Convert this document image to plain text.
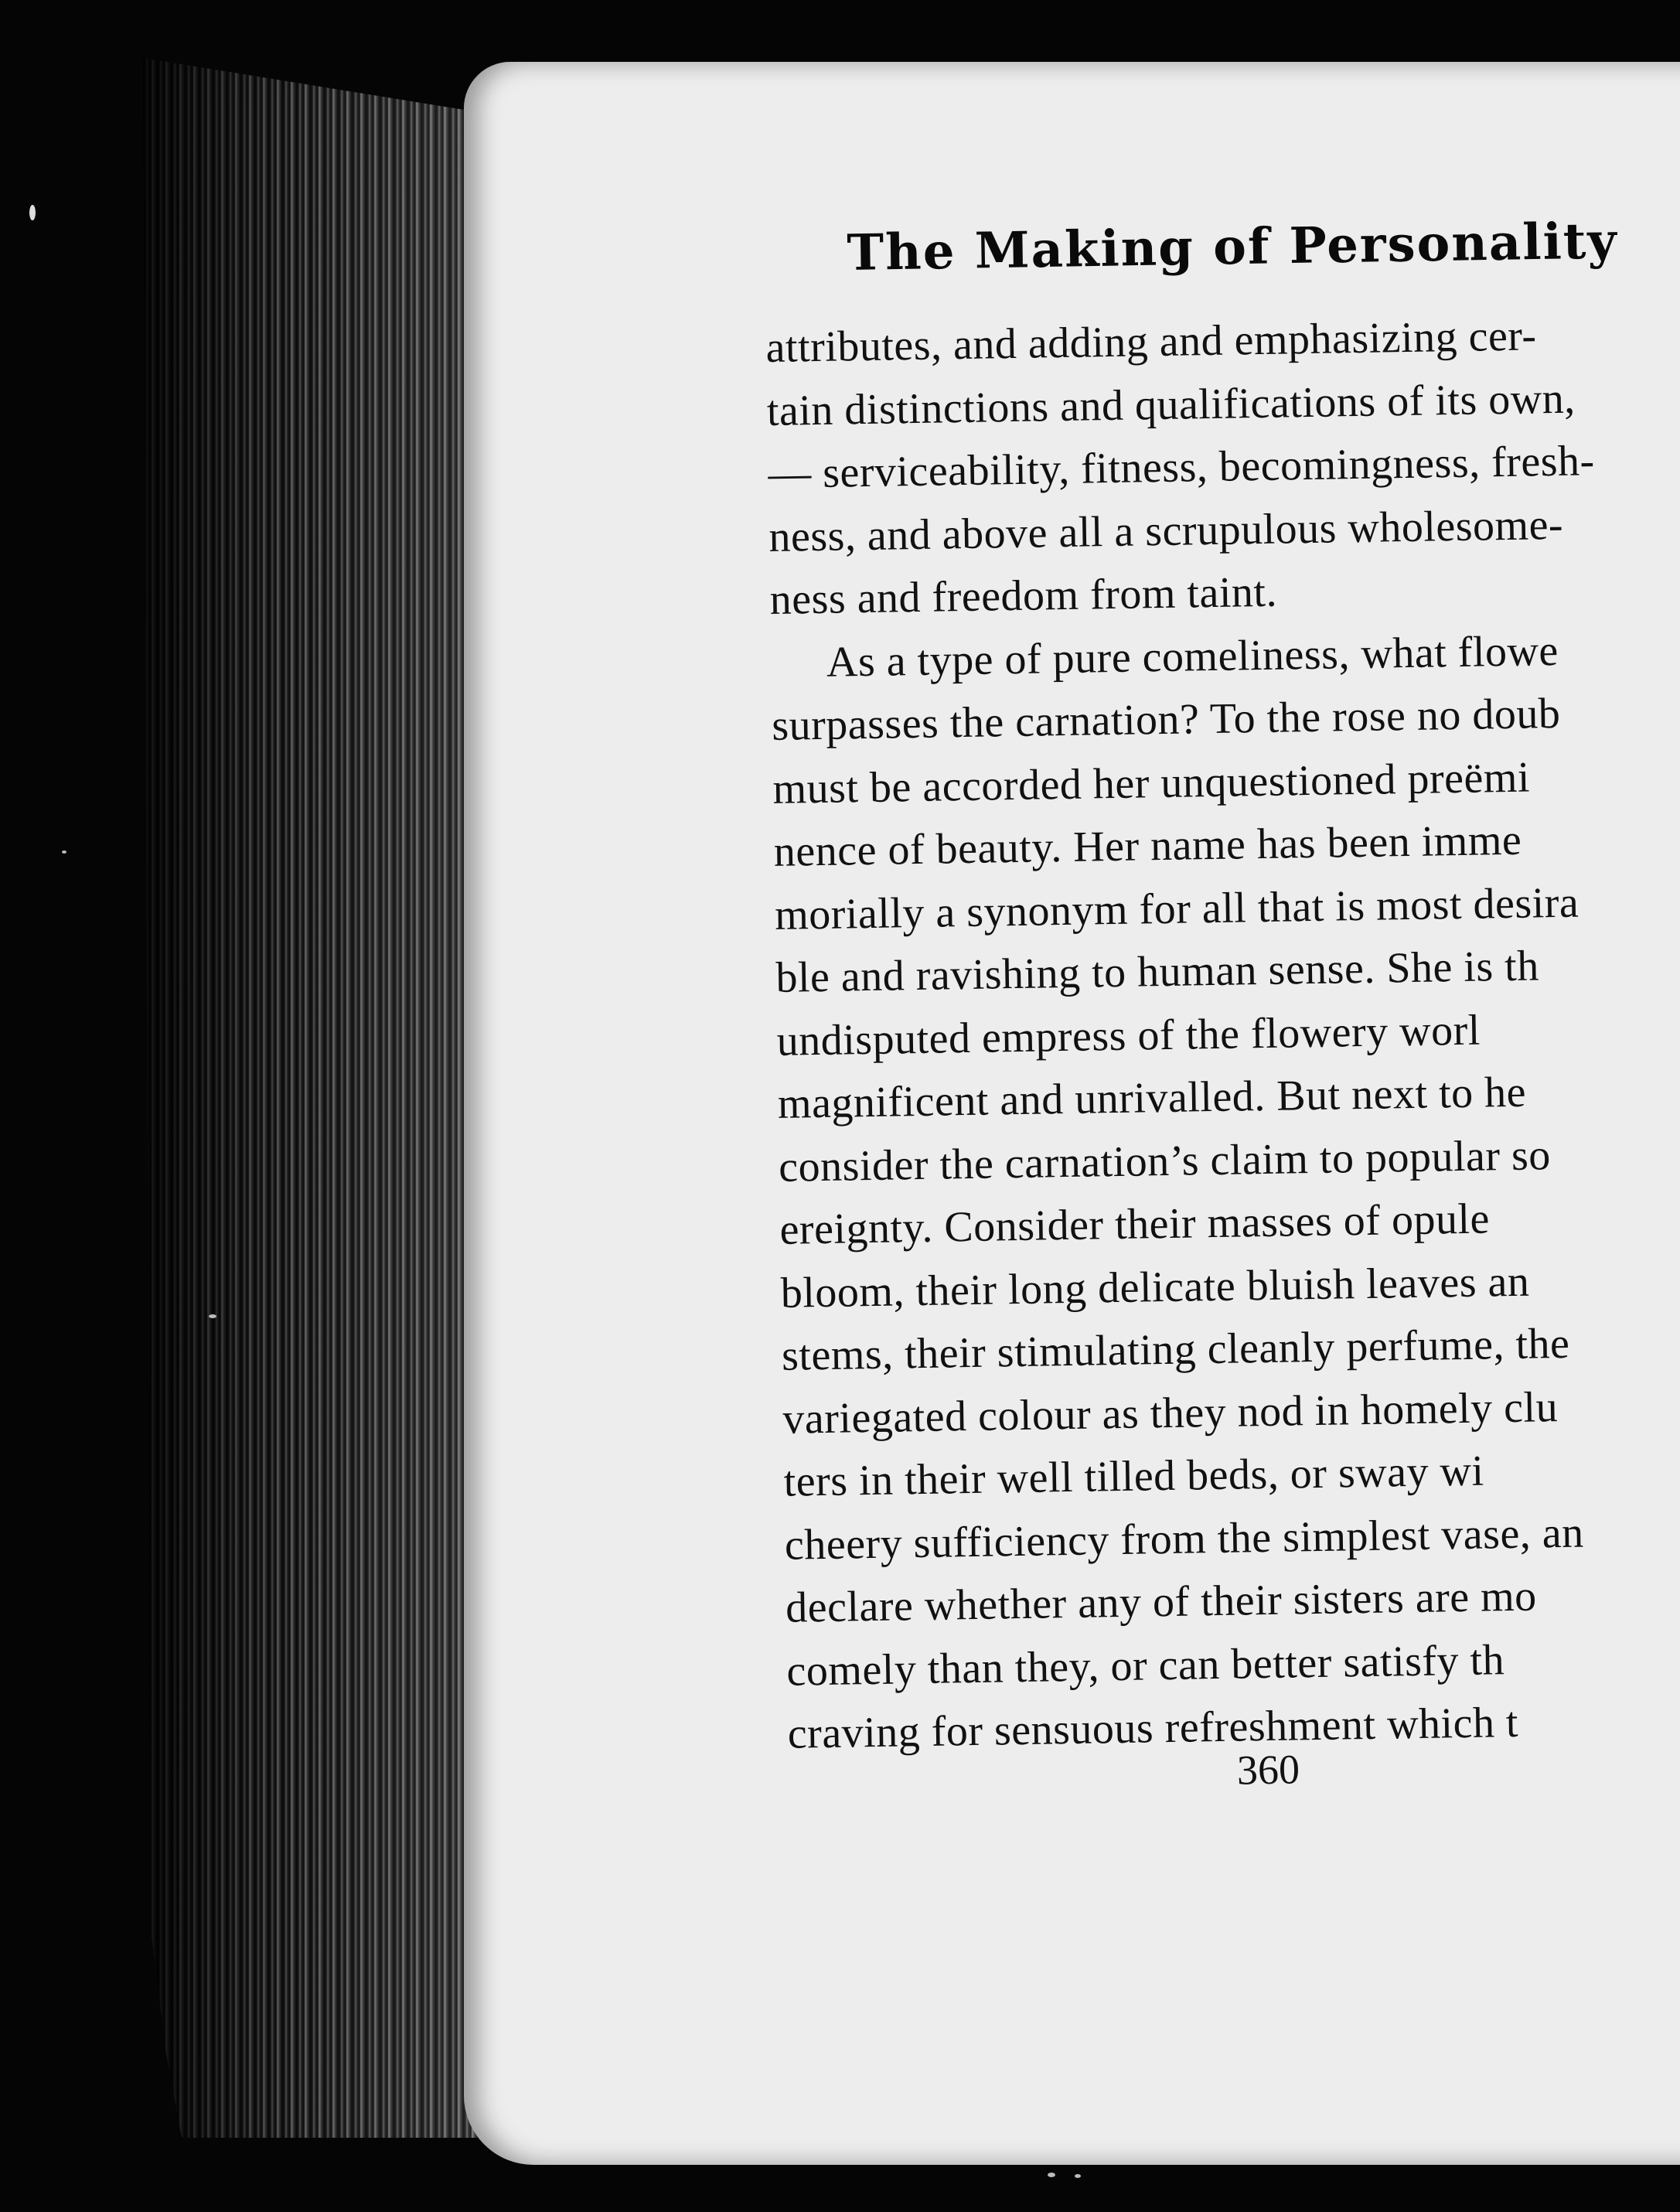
The Making of Personality
attributes, and adding and emphasizing cer-
tain distinctions and qualifications of its own,
— serviceability, fitness, becomingness, fresh-
ness, and above all a scrupulous wholesome-
ness and freedom from taint.
As a type of pure comeliness, what flowe
surpasses the carnation? To the rose no doub
must be accorded her unquestioned preëmi
nence of beauty. Her name has been imme
morially a synonym for all that is most desira
ble and ravishing to human sense. She is th
undisputed empress of the flowery worl
magnificent and unrivalled. But next to he
consider the carnation’s claim to popular so
ereignty. Consider their masses of opule
bloom, their long delicate bluish leaves an
stems, their stimulating cleanly perfume, the
variegated colour as they nod in homely clu
ters in their well tilled beds, or sway wi
cheery sufficiency from the simplest vase, an
declare whether any of their sisters are mo
comely than they, or can better satisfy th
craving for sensuous refreshment which t
360
